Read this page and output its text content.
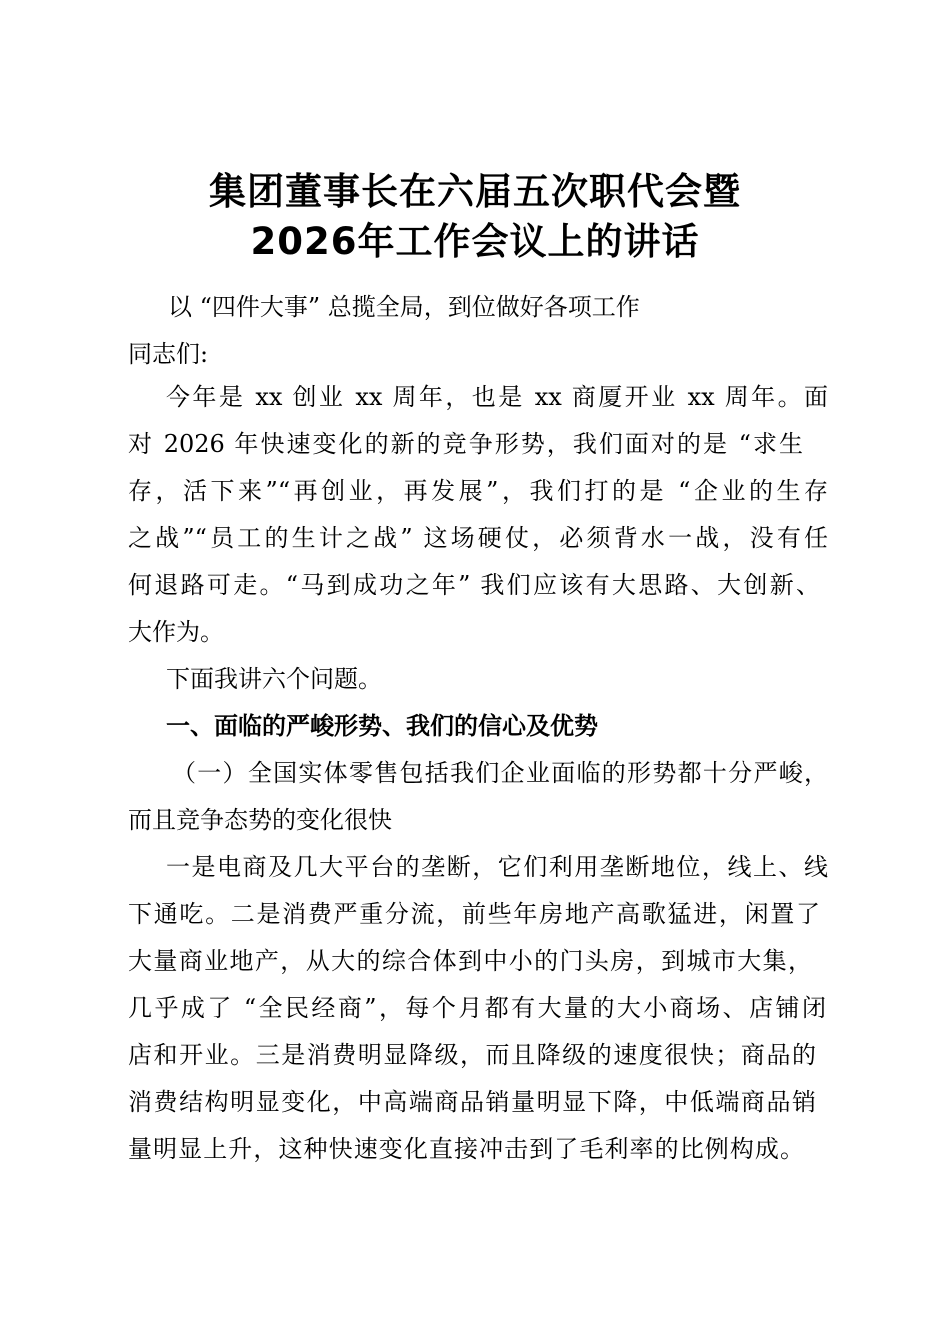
集团董事长在六届五次职代会暨
2026年工作会议上的讲话
以 “四件大事” 总揽全局，到位做好各项工作
同志们:
今年是 xx 创业 xx 周年，也是 xx 商厦开业 xx 周年。面
对 2026 年快速变化的新的竞争形势，我们面对的是 “求生
存，活下来”“再创业，再发展”，我们打的是 “企业的生存
之战”“员工的生计之战” 这场硬仗，必须背水一战，没有任
何退路可走。“马到成功之年” 我们应该有大思路、大创新、
大作为。
下面我讲六个问题。
一、面临的严峻形势、我们的信心及优势
（一）全国实体零售包括我们企业面临的形势都十分严峻，
而且竞争态势的变化很快
一是电商及几大平台的垄断，它们利用垄断地位，线上、线
下通吃。二是消费严重分流，前些年房地产高歌猛进，闲置了
大量商业地产，从大的综合体到中小的门头房，到城市大集，
几乎成了 “全民经商”，每个月都有大量的大小商场、店铺闭
店和开业。三是消费明显降级，而且降级的速度很快；商品的
消费结构明显变化，中高端商品销量明显下降，中低端商品销
量明显上升，这种快速变化直接冲击到了毛利率的比例构成。
